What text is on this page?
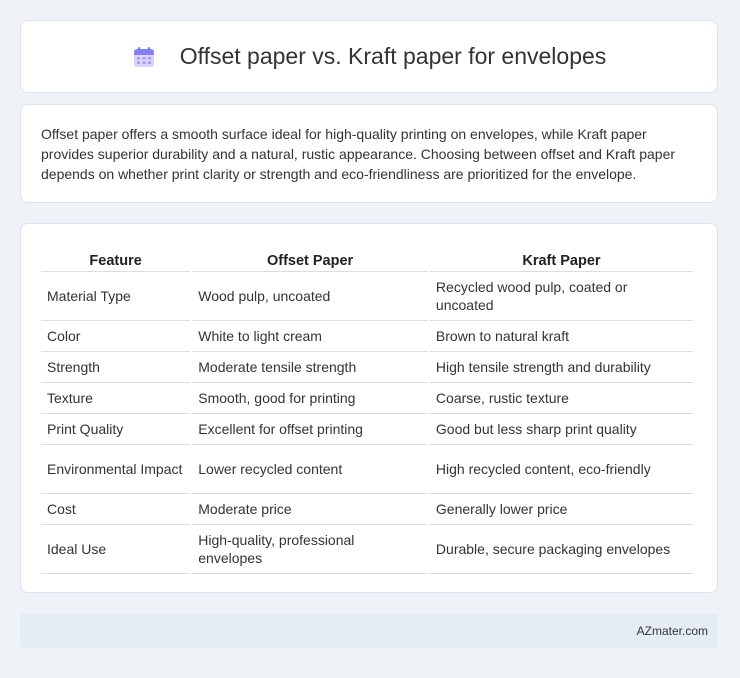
Offset paper vs. Kraft paper for envelopes

Offset paper offers a smooth surface ideal for high-quality printing on envelopes, while Kraft paper provides superior durability and a natural, rustic appearance. Choosing between offset and Kraft paper depends on whether print clarity or strength and eco-friendliness are prioritized for the envelope.

Feature	Offset Paper	Kraft Paper
Material Type	Wood pulp, uncoated	Recycled wood pulp, coated or uncoated
Color	White to light cream	Brown to natural kraft
Strength	Moderate tensile strength	High tensile strength and durability
Texture	Smooth, good for printing	Coarse, rustic texture
Print Quality	Excellent for offset printing	Good but less sharp print quality
Environmental Impact	Lower recycled content	High recycled content, eco-friendly
Cost	Moderate price	Generally lower price
Ideal Use	High-quality, professional envelopes	Durable, secure packaging envelopes
AZmater.com
